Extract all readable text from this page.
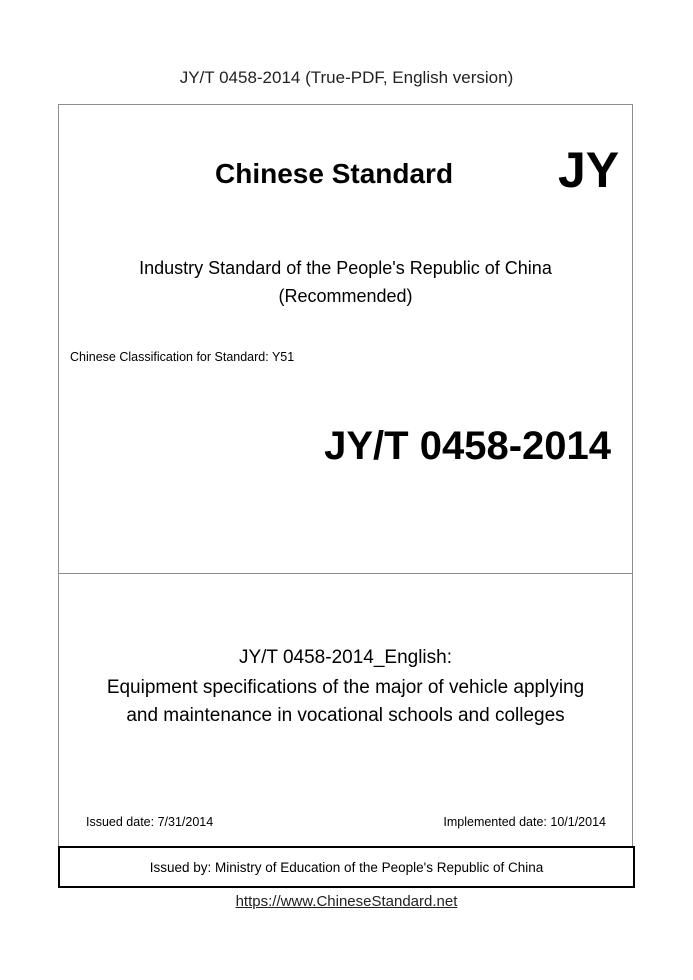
JY/T 0458-2014 (True-PDF, English version)
Chinese Standard JY
Industry Standard of the People's Republic of China
(Recommended)
Chinese Classification for Standard: Y51
JY/T 0458-2014
JY/T 0458-2014_English:
Equipment specifications of the major of vehicle applying
and maintenance in vocational schools and colleges
Issued date: 7/31/2014	Implemented date: 10/1/2014
Issued by: Ministry of Education of the People's Republic of China
https://www.ChineseStandard.net
